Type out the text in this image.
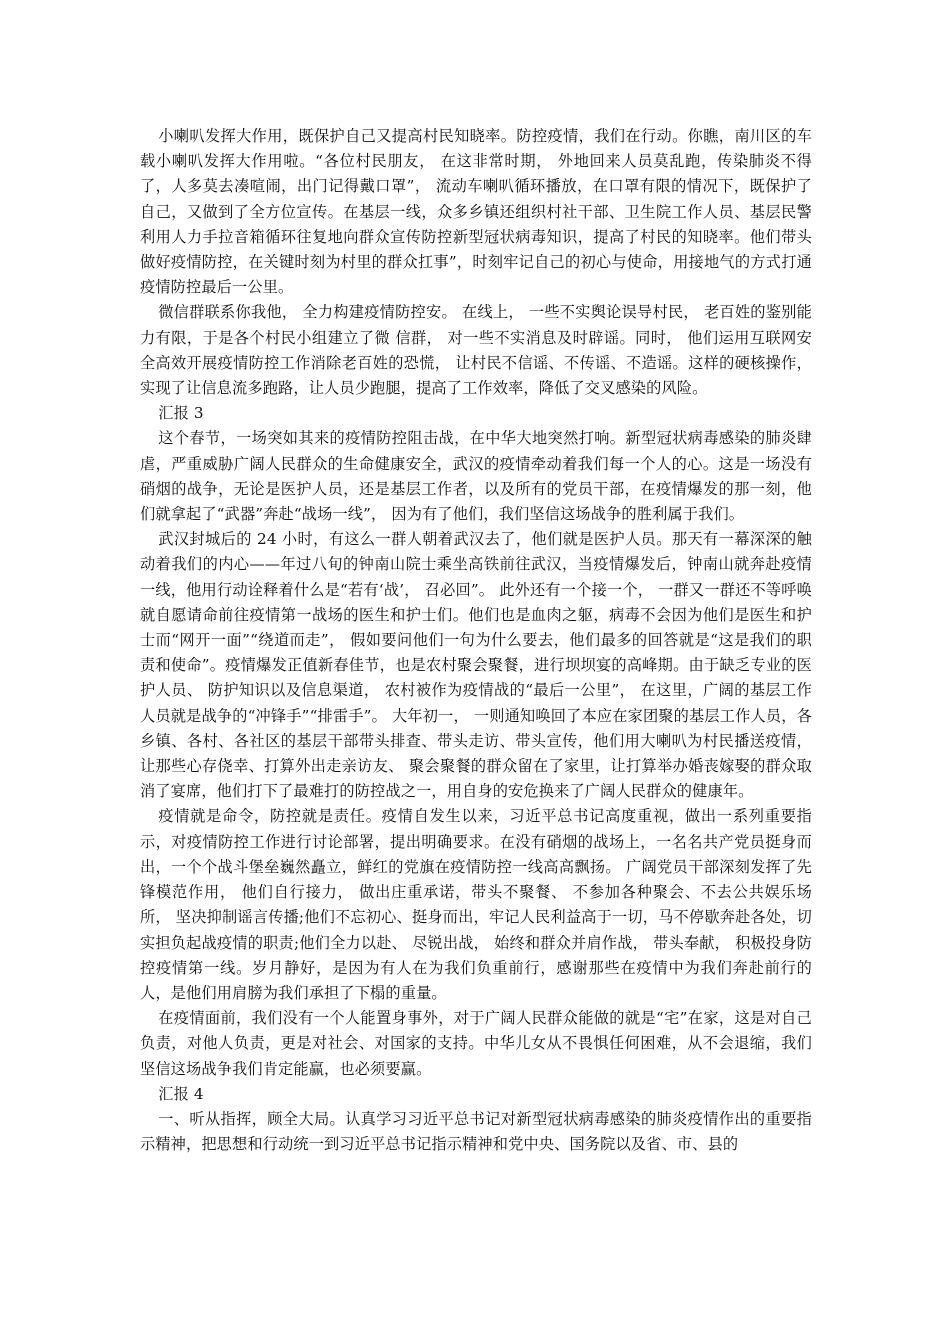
小喇叭发挥大作用，既保护自己又提高村民知晓率。防控疫情，我们在行动。你瞧，南川区的车载小喇叭发挥大作用啦。“各位村民朋友， 在这非常时期， 外地回来人员莫乱跑，传染肺炎不得了，人多莫去凑喧闹，出门记得戴口罩”， 流动车喇叭循环播放，在口罩有限的情况下，既保护了自己，又做到了全方位宣传。在基层一线，众多乡镇还组织村社干部、卫生院工作人员、基层民警利用人力手拉音箱循环往复地向群众宣传防控新型冠状病毒知识，提高了村民的知晓率。他们带头做好疫情防控，在关键时刻为村里的群众扛事”，时刻牢记自己的初心与使命，用接地气的方式打通疫情防控最后一公里。

微信群联系你我他， 全力构建疫情防控安。 在线上， 一些不实舆论误导村民， 老百姓的鉴别能力有限，于是各个村民小组建立了微 信群， 对一些不实消息及时辟谣。同时， 他们运用互联网安全高效开展疫情防控工作消除老百姓的恐慌， 让村民不信谣、不传谣、不造谣。这样的硬核操作，实现了让信息流多跑路，让人员少跑腿，提高了工作效率，降低了交叉感染的风险。

汇报 3

这个春节，一场突如其来的疫情防控阻击战，在中华大地突然打响。新型冠状病毒感染的肺炎肆虐，严重威胁广阔人民群众的生命健康安全，武汉的疫情牵动着我们每一个人的心。这是一场没有硝烟的战争，无论是医护人员，还是基层工作者，以及所有的党员干部，在疫情爆发的那一刻，他们就拿起了“武器”奔赴“战场一线”， 因为有了他们，我们坚信这场战争的胜利属于我们。

武汉封城后的 24 小时，有这么一群人朝着武汉去了，他们就是医护人员。那天有一幕深深的触动着我们的内心——年过八旬的钟南山院士乘坐高铁前往武汉，当疫情爆发后，钟南山就奔赴疫情一线，他用行动诠释着什么是“若有‘战’， 召必回”。 此外还有一个接一个， 一群又一群还不等呼唤就自愿请命前往疫情第一战场的医生和护士们。他们也是血肉之躯，病毒不会因为他们是医生和护士而“网开一面”“绕道而走”， 假如要问他们一句为什么要去，他们最多的回答就是“这是我们的职责和使命”。疫情爆发正值新春佳节，也是农村聚会聚餐，进行坝坝宴的高峰期。由于缺乏专业的医护人员、 防护知识以及信息渠道， 农村被作为疫情战的“最后一公里”， 在这里，广阔的基层工作人员就是战争的“冲锋手”“排雷手”。 大年初一， 一则通知唤回了本应在家团聚的基层工作人员，各乡镇、各村、各社区的基层干部带头排查、带头走访、带头宣传，他们用大喇叭为村民播送疫情，让那些心存侥幸、打算外出走亲访友、 聚会聚餐的群众留在了家里，让打算举办婚丧嫁娶的群众取消了宴席，他们打下了最难打的防控战之一，用自身的安危换来了广阔人民群众的健康年。

疫情就是命令，防控就是责任。疫情自发生以来，习近平总书记高度重视，做出一系列重要指示，对疫情防控工作进行讨论部署，提出明确要求。在没有硝烟的战场上，一名名共产党员挺身而出，一个个战斗堡垒巍然矗立，鲜红的党旗在疫情防控一线高高飘扬。 广阔党员干部深刻发挥了先锋模范作用， 他们自行接力， 做出庄重承诺，带头不聚餐、 不参加各种聚会、不去公共娱乐场所， 坚决抑制谣言传播;他们不忘初心、挺身而出，牢记人民利益高于一切，马不停歇奔赴各处，切实担负起战疫情的职责;他们全力以赴、 尽锐出战， 始终和群众并肩作战， 带头奉献， 积极投身防控疫情第一线。岁月静好，是因为有人在为我们负重前行，感谢那些在疫情中为我们奔赴前行的人，是他们用肩膀为我们承担了下榻的重量。

在疫情面前，我们没有一个人能置身事外，对于广阔人民群众能做的就是“宅”在家，这是对自己负责，对他人负责，更是对社会、对国家的支持。中华儿女从不畏惧任何困难，从不会退缩，我们坚信这场战争我们肯定能赢，也必须要赢。

汇报 4

一、听从指挥，顾全大局。认真学习习近平总书记对新型冠状病毒感染的肺炎疫情作出的重要指示精神，把思想和行动统一到习近平总书记指示精神和党中央、国务院以及省、市、县的
